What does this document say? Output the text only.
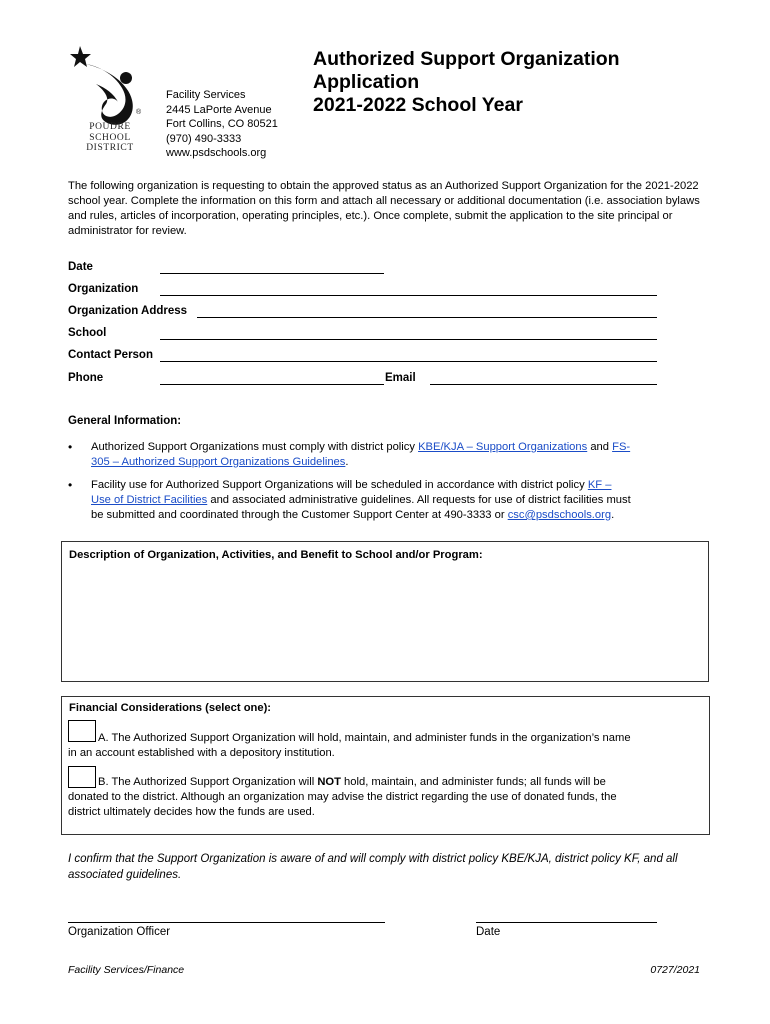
POUDRE
SCHOOL
DISTRICT
®
Facility Services
2445 LaPorte Avenue
Fort Collins, CO 80521
(970) 490-3333
www.psdschools.org
Authorized Support Organization
Application
2021-2022 School Year
The following organization is requesting to obtain the approved status as an Authorized Support Organization for the 2021-2022 school year. Complete the information on this form and attach all necessary or additional documentation (i.e. association bylaws and rules, articles of incorporation, operating principles, etc.). Once complete, submit the application to the site principal or administrator for review.
Date
Organization
Organization Address
School
Contact Person
Phone	Email
General Information:
• Authorized Support Organizations must comply with district policy KBE/KJA – Support Organizations and FS-
305 – Authorized Support Organizations Guidelines.
• Facility use for Authorized Support Organizations will be scheduled in accordance with district policy KF –
Use of District Facilities and associated administrative guidelines. All requests for use of district facilities must
be submitted and coordinated through the Customer Support Center at 490-3333 or csc@psdschools.org.
Description of Organization, Activities, and Benefit to School and/or Program:
Financial Considerations (select one):
A. The Authorized Support Organization will hold, maintain, and administer funds in the organization’s name
in an account established with a depository institution.
B. The Authorized Support Organization will NOT hold, maintain, and administer funds; all funds will be
donated to the district. Although an organization may advise the district regarding the use of donated funds, the
district ultimately decides how the funds are used.
I confirm that the Support Organization is aware of and will comply with district policy KBE/KJA, district policy KF, and all associated guidelines.
Organization Officer	Date
Facility Services/Finance	0727/2021
